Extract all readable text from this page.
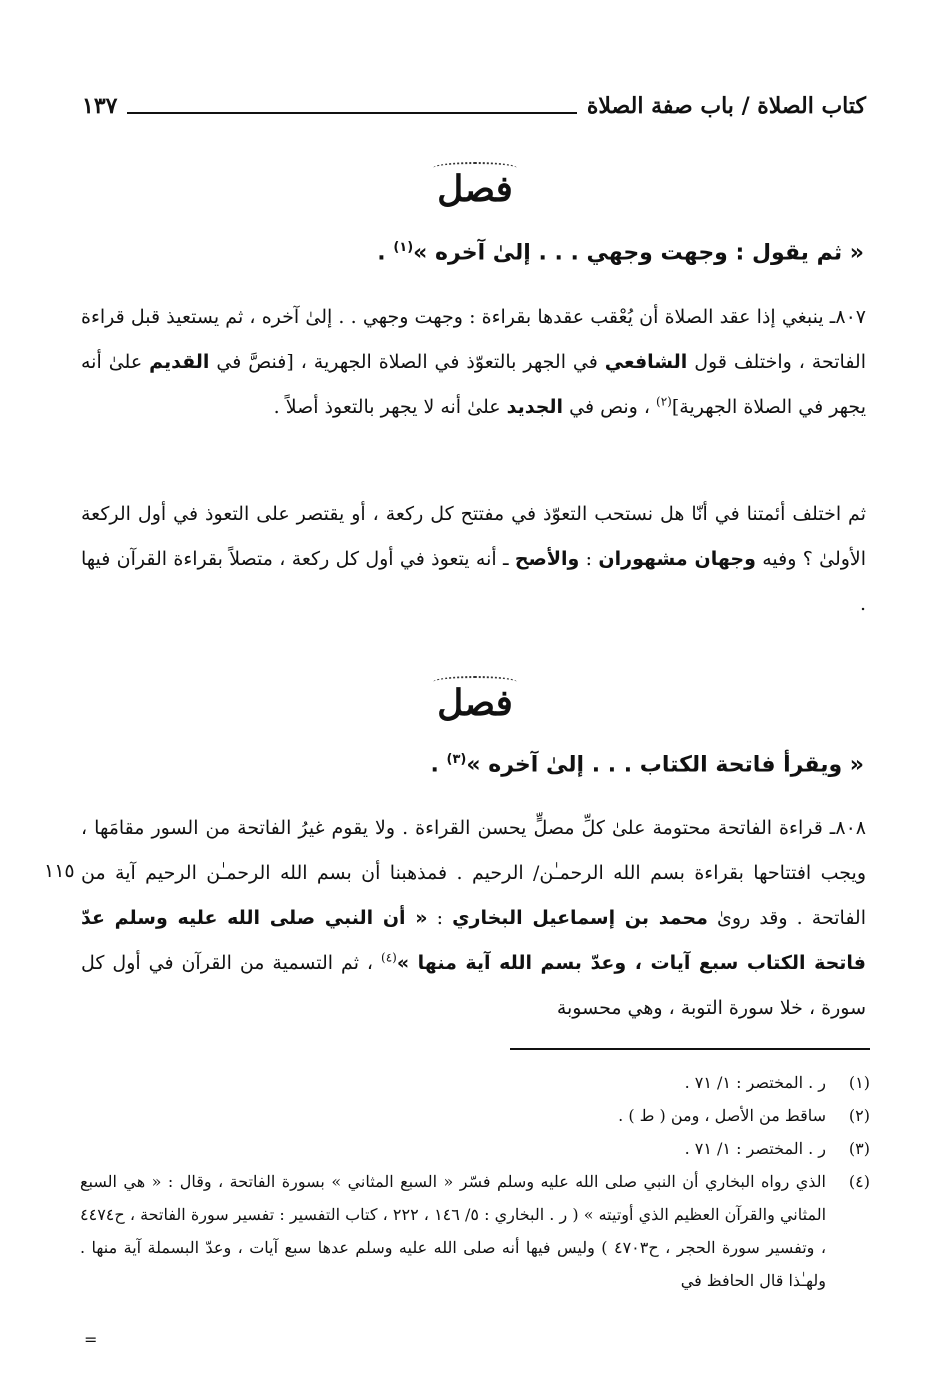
كتاب الصلاة / باب صفة الصلاة
١٣٧
فصل
« ثم يقول : وجهت وجهي . . . إلىٰ آخره »$^{(١)}$ .
٨٠٧ـ ينبغي إذا عقد الصلاة أن يُعْقب عقدها بقراءة : وجهت وجهي . . إلىٰ آخره ، ثم يستعيذ قبل قراءة الفاتحة ، واختلف قول الشافعي في الجهر بالتعوّذ في الصلاة الجهرية ، [فنصَّ في القديم علىٰ أنه يجهر في الصلاة الجهرية]$^{(٢)}$ ، ونص في الجديد علىٰ أنه لا يجهر بالتعوذ أصلاً .
ثم اختلف أئمتنا في أنّا هل نستحب التعوّذ في مفتتح كل ركعة ، أو يقتصر على التعوذ في أول الركعة الأولىٰ ؟ وفيه وجهان مشهوران : والأصح ـ أنه يتعوذ في أول كل ركعة ، متصلاً بقراءة القرآن فيها .
فصل
« ويقرأ فاتحة الكتاب . . . إلىٰ آخره »$^{(٣)}$ .
٨٠٨ـ قراءة الفاتحة محتومة علىٰ كلِّ مصلٍّ يحسن القراءة . ولا يقوم غيرُ الفاتحة من السور مقامَها ، ويجب افتتاحها بقراءة بسم الله الرحمـٰن/ الرحيم . فمذهبنا أن بسم الله الرحمـٰن الرحيم آية من الفاتحة . وقد روىٰ محمد بن إسماعيل البخاري : « أن النبي صلى الله عليه وسلم عدّ فاتحة الكتاب سبع آيات ، وعدّ بسم الله آية منها »$^{(٤)}$ ، ثم التسمية من القرآن في أول كل سورة ، خلا سورة التوبة ، وهي محسوبة
١١٥
(١)
ر . المختصر : ١/ ٧١ .
(٢)
ساقط من الأصل ، ومن ( ط ) .
(٣)
ر . المختصر : ١/ ٧١ .
(٤)
الذي رواه البخاري أن النبي صلى الله عليه وسلم فسّر « السبع المثاني » بسورة الفاتحة ، وقال : « هي السبع المثاني والقرآن العظيم الذي أوتيته » ( ر . البخاري : ٥/ ١٤٦ ، ٢٢٢ ، كتاب التفسير : تفسير سورة الفاتحة ، ح٤٤٧٤ ، وتفسير سورة الحجر ، ح٤٧٠٣ ) وليس فيها أنه صلى الله عليه وسلم عدها سبع آيات ، وعدّ البسملة آية منها . ولهـٰذا قال الحافظ في
=
